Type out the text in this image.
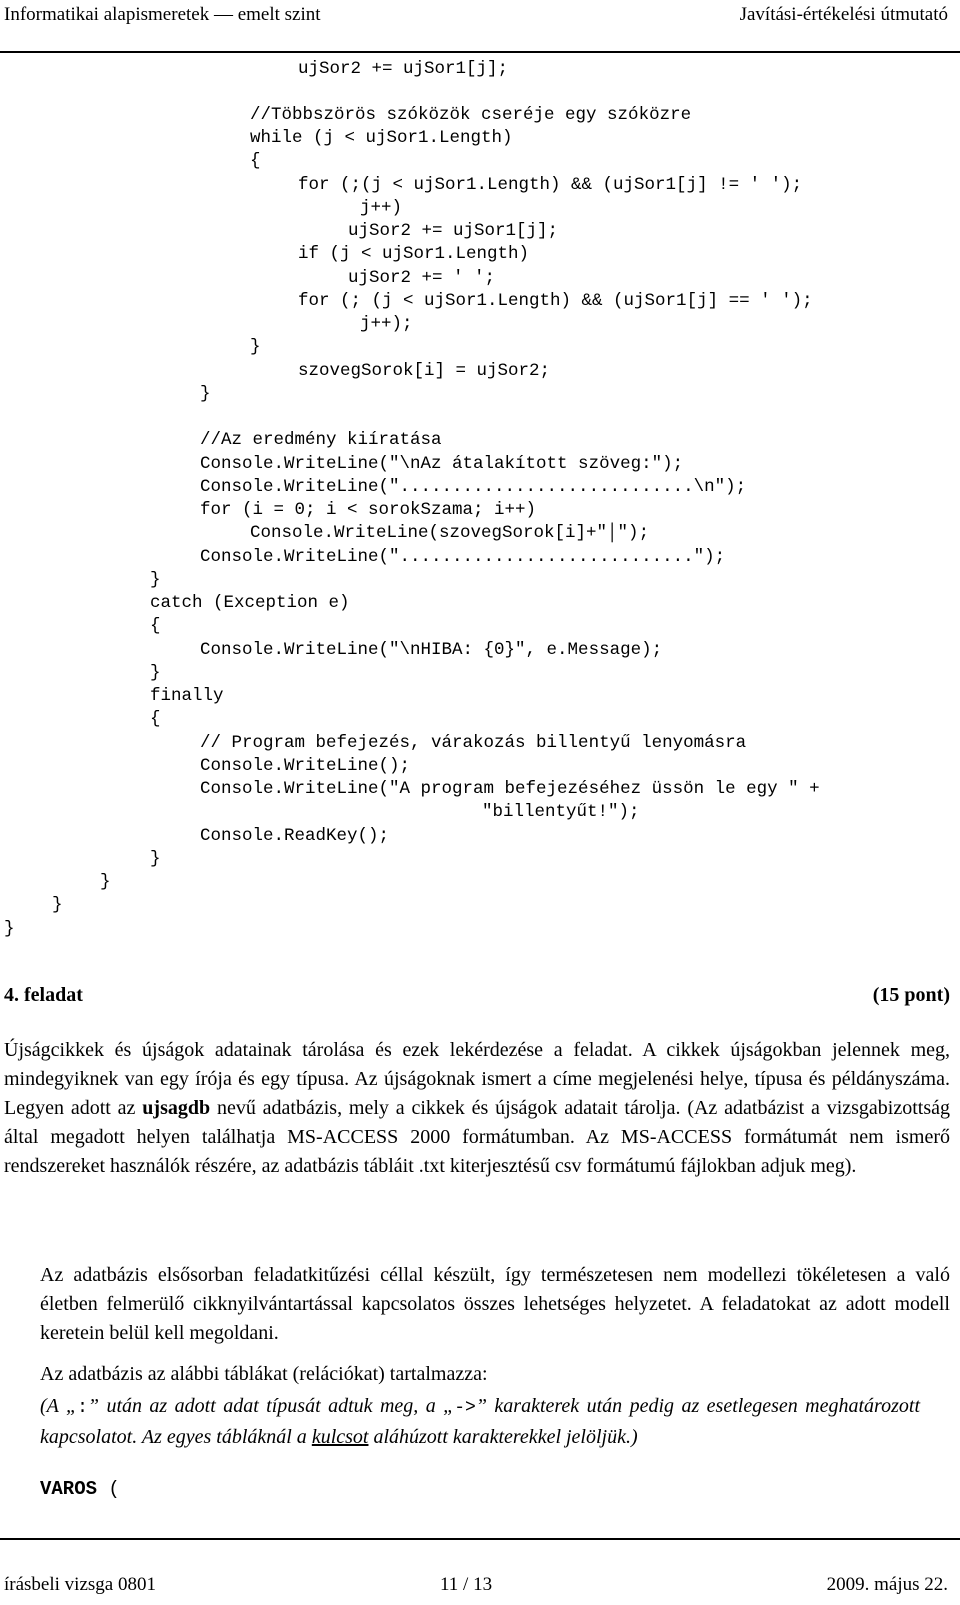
Informatikai alapismeretek — emelt szint	Javítási-értékelési útmutató
ujSor2 += ujSor1[j];
//Többszörös szóközök cseréje egy szóközre
while (j < ujSor1.Length)
{
for (;(j < ujSor1.Length) && (ujSor1[j] != ' ');
j++)
ujSor2 += ujSor1[j];
if (j < ujSor1.Length)
ujSor2 += ' ';
for (; (j < ujSor1.Length) && (ujSor1[j] == ' ');
j++);
}
szovegSorok[i] = ujSor2;
}
//Az eredmény kiíratása
Console.WriteLine("\nAz átalakított szöveg:");
Console.WriteLine("............................\n");
for (i = 0; i < sorokSzama; i++)
Console.WriteLine(szovegSorok[i]+"│");
Console.WriteLine("............................");
}
catch (Exception e)
{
Console.WriteLine("\nHIBA: {0}", e.Message);
}
finally
{
// Program befejezés, várakozás billentyű lenyomásra
Console.WriteLine();
Console.WriteLine("A program befejezéséhez üssön le egy " +
"billentyűt!");
Console.ReadKey();
}
}
}
}
4. feladat	(15 pont)

Újságcikkek és újságok adatainak tárolása és ezek lekérdezése a feladat. A cikkek újságokban jelennek meg, mindegyiknek van egy írója és egy típusa. Az újságoknak ismert a címe megjelenési helye, típusa és példányszáma. Legyen adott az ujsagdb nevű adatbázis, mely a cikkek és újságok adatait tárolja. (Az adatbázist a vizsgabizottság által megadott helyen találhatja MS-ACCESS 2000 formátumban. Az MS-ACCESS formátumát nem ismerő rendszereket használók részére, az adatbázis tábláit .txt kiterjesztésű csv formátumú fájlokban adjuk meg).

Az adatbázis elsősorban feladatkitűzési céllal készült, így természetesen nem modellezi tökéletesen a való életben felmerülő cikknyilvántartással kapcsolatos összes lehetséges helyzetet. A feladatokat az adott modell keretein belül kell megoldani.

Az adatbázis az alábbi táblákat (relációkat) tartalmazza:

(A „:” után az adott adat típusát adtuk meg, a „->” karakterek után pedig az esetlegesen meghatározott kapcsolatot. Az egyes tábláknál a kulcsot aláhúzott karakterekkel jelöljük.)

VAROS (
írásbeli vizsga 0801	11 / 13	2009. május 22.
